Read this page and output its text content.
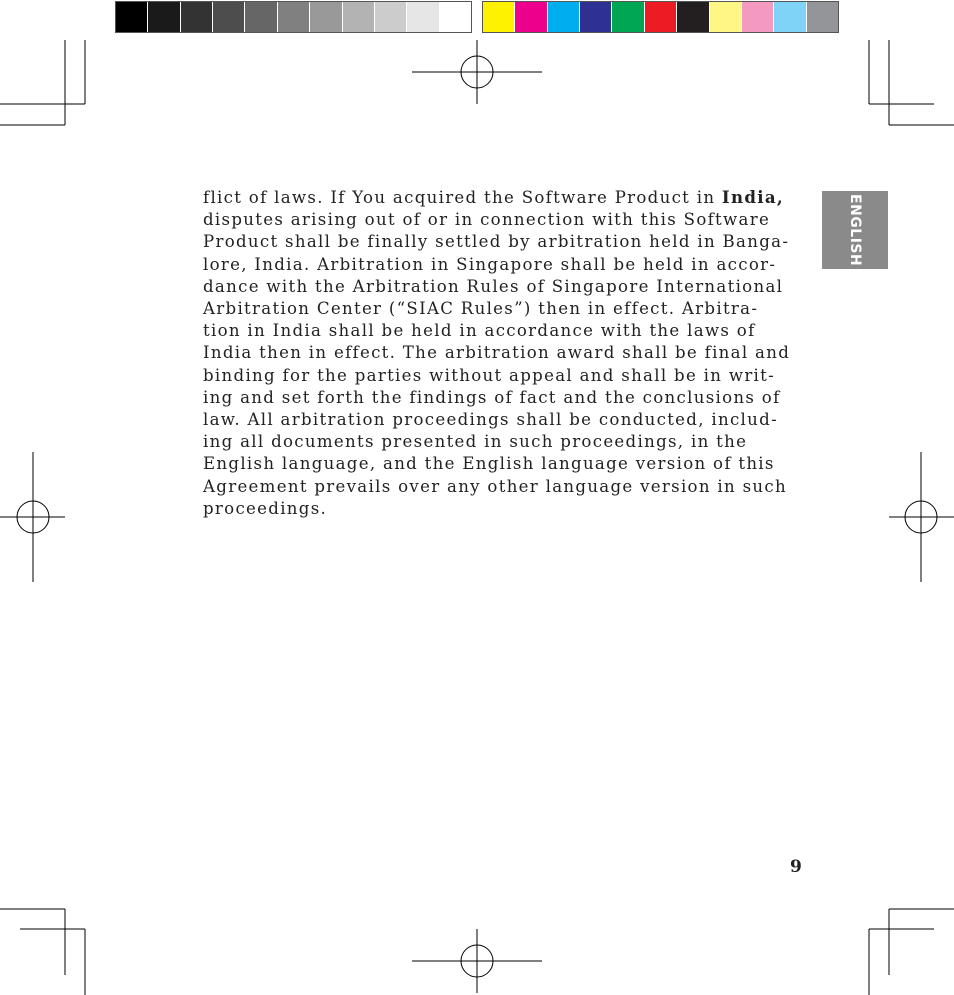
ENGLISH

flict of laws. If You acquired the Software Product in India,
disputes arising out of or in connection with this Software
Product shall be finally settled by arbitration held in Banga-
lore, India. Arbitration in Singapore shall be held in accor-
dance with the Arbitration Rules of Singapore International
Arbitration Center (“SIAC Rules”) then in effect. Arbitra-
tion in India shall be held in accordance with the laws of
India then in effect. The arbitration award shall be final and
binding for the parties without appeal and shall be in writ-
ing and set forth the findings of fact and the conclusions of
law. All arbitration proceedings shall be conducted, includ-
ing all documents presented in such proceedings, in the
English language, and the English language version of this
Agreement prevails over any other language version in such
proceedings.

9
